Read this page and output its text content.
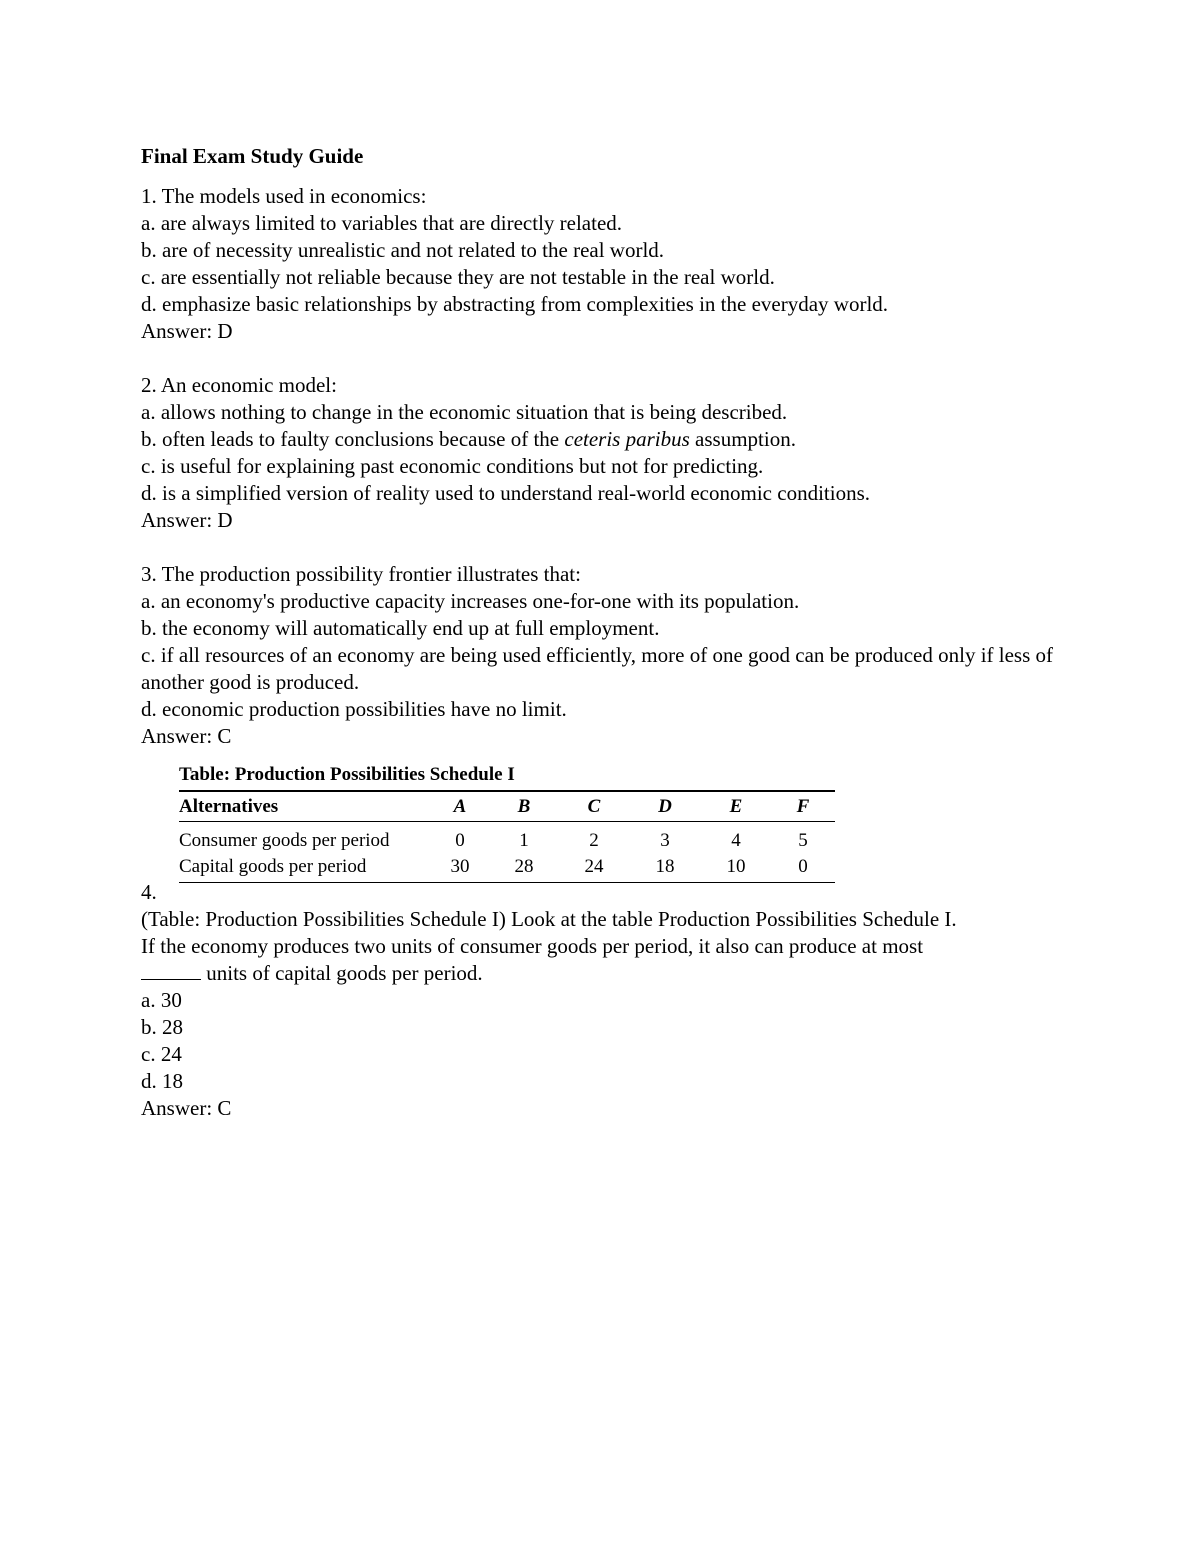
Final Exam Study Guide
1. The models used in economics:
a. are always limited to variables that are directly related.
b. are of necessity unrealistic and not related to the real world.
c. are essentially not reliable because they are not testable in the real world.
d. emphasize basic relationships by abstracting from complexities in the everyday world.
Answer: D
2. An economic model:
a. allows nothing to change in the economic situation that is being described.
b. often leads to faulty conclusions because of the ceteris paribus assumption.
c. is useful for explaining past economic conditions but not for predicting.
d. is a simplified version of reality used to understand real-world economic conditions.
Answer: D
3. The production possibility frontier illustrates that:
a. an economy's productive capacity increases one-for-one with its population.
b. the economy will automatically end up at full employment.
c. if all resources of an economy are being used efficiently, more of one good can be produced only if less of another good is produced.
d. economic production possibilities have no limit.
Answer: C
Table: Production Possibilities Schedule I
Alternatives	A	B	C	D	E	F
Consumer goods per period	0	1	2	3	4	5
Capital goods per period	30	28	24	18	10	0
4.
(Table: Production Possibilities Schedule I) Look at the table Production Possibilities Schedule I.
If the economy produces two units of consumer goods per period, it also can produce at most
units of capital goods per period.
a. 30
b. 28
c. 24
d. 18
Answer: C
